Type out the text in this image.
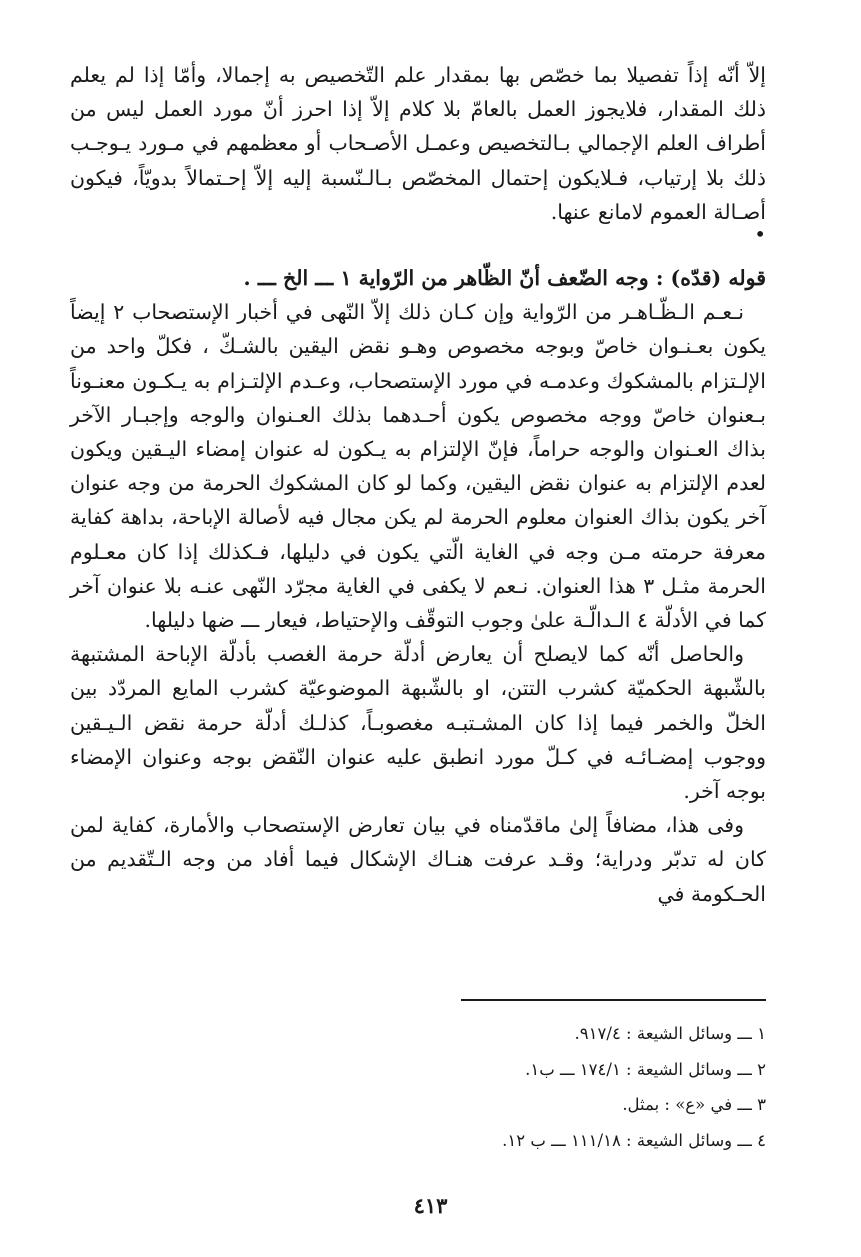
إلاّ أنّه إذاً تفصيلا بما خصّص بها بمقدار علم التّخصيص به إجمالا، وأمّا إذا لم يعلم ذلك المقدار، فلايجوز العمل بالعامّ بلا كلام إلاّ إذا احرز أنّ مورد العمل ليس من أطراف العلم الإجمالي بـالتخصيص وعمـل الأصـحاب أو معظمهم في مـورد يـوجـب ذلك بلا إرتياب، فـلايكون إحتمال المخصّص بـالـنّسبة إليه إلاّ إحـتمالاً بدويّاً، فيكون أصـالة العموم لامانع عنها.

•

قوله (قدّه) : وجه الضّعف أنّ الظّاهر من الرّواية ١ ـــ الخ ـــ .

نـعـم الـظّـاهـر من الرّواية وإن كـان ذلك إلاّ النّهى في أخبار الإستصحاب ٢ إيضاً يكون بعـنـوان خاصّ وبوجه مخصوص وهـو نقض اليقين بالشـكّ ، فكلّ واحد من الإلـتزام بالمشكوك وعدمـه في مورد الإستصحاب، وعـدم الإلتـزام به يـكـون معنـوناً بـعنوان خاصّ ووجه مخصوص يكون أحـدهما بذلك العـنوان والوجه وإجبـار الآخر بذاك العـنوان والوجه حراماً، فإنّ الإلتزام به يـكون له عنوان إمضاء اليـقين ويكون لعدم الإلتزام به عنوان نقض اليقين، وكما لو كان المشكوك الحرمة من وجه عنوان آخر يكون بذاك العنوان معلوم الحرمة لم يكن مجال فيه لأصالة الإباحة، بداهة كفاية معرفة حرمته مـن وجه في الغاية الّتي يكون في دليلها، فـكذلك إذا كان معـلوم الحرمة مثـل ٣ هذا العنوان. نـعم لا يكفى في الغاية مجرّد النّهى عنـه بلا عنوان آخر كما في الأدلّة ٤ الـدالّـة علىٰ وجوب التوقّف والإحتياط، فيعار ـــ ضها دليلها.

والحاصل أنّه كما لايصلح أن يعارض أدلّة حرمة الغصب بأدلّة الإباحة المشتبهة بالشّبهة الحكميّة كشرب التتن، او بالشّبهة الموضوعيّة كشرب المايع المردّد بين الخلّ والخمر فيما إذا كان المشـتبـه مغصوبـاً، كذلـك أدلّة حرمة نقض الـيـقين ووجوب إمضـائـه في كـلّ مورد انطبق عليه عنوان النّقض بوجه وعنوان الإمضاء بوجه آخر.

وفى هذا، مضافاً إلىٰ ماقدّمناه في بيان تعارض الإستصحاب والأمارة، كفاية لمن كان له تدبّر ودراية؛ وقـد عرفت هنـاك الإشكال فيما أفاد من وجه الـتّقديم من الحـكومة في

١ ـــ وسائل الشيعة : ٩١٧/٤.

٢ ـــ وسائل الشيعة : ١٧٤/١ ـــ ب١.

٣ ـــ في «ع» : بمثل.

٤ ـــ وسائل الشيعة : ١١١/١٨ ـــ ب ١٢.

٤١٣
